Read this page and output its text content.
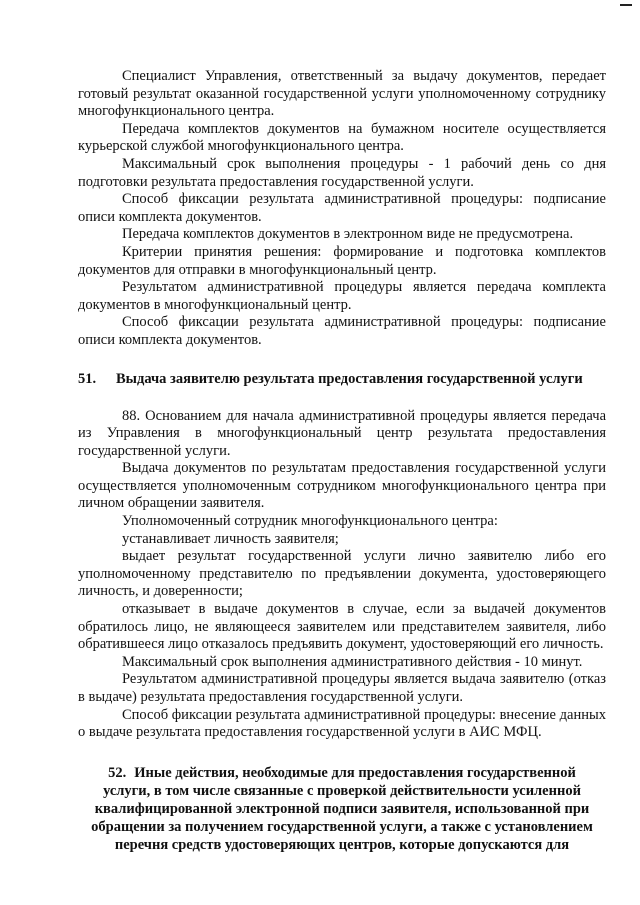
Специалист Управления, ответственный за выдачу документов, передает готовый результат оказанной государственной услуги уполномоченному сотруднику многофункционального центра.

Передача комплектов документов на бумажном носителе осуществляется курьерской службой многофункционального центра.

Максимальный срок выполнения процедуры - 1 рабочий день со дня подготовки результата предоставления государственной услуги.

Способ фиксации результата административной процедуры: подписание описи комплекта документов.

Передача комплектов документов в электронном виде не предусмотрена.

Критерии принятия решения: формирование и подготовка комплектов документов для отправки в многофункциональный центр.

Результатом административной процедуры является передача комплекта документов в многофункциональный центр.

Способ фиксации результата административной процедуры: подписание описи комплекта документов.

51. Выдача заявителю результата предоставления государственной услуги

88. Основанием для начала административной процедуры является передача из Управления в многофункциональный центр результата предоставления государственной услуги.

Выдача документов по результатам предоставления государственной услуги осуществляется уполномоченным сотрудником многофункционального центра при личном обращении заявителя.

Уполномоченный сотрудник многофункционального центра:

устанавливает личность заявителя;

выдает результат государственной услуги лично заявителю либо его уполномоченному представителю по предъявлении документа, удостоверяющего личность, и доверенности;

отказывает в выдаче документов в случае, если за выдачей документов обратилось лицо, не являющееся заявителем или представителем заявителя, либо обратившееся лицо отказалось предъявить документ, удостоверяющий его личность.

Максимальный срок выполнения административного действия - 10 минут.

Результатом административной процедуры является выдача заявителю (отказ в выдаче) результата предоставления государственной услуги.

Способ фиксации результата административной процедуры: внесение данных о выдаче результата предоставления государственной услуги в АИС МФЦ.

52. Иные действия, необходимые для предоставления государственной услуги, в том числе связанные с проверкой действительности усиленной квалифицированной электронной подписи заявителя, использованной при обращении за получением государственной услуги, а также с установлением перечня средств удостоверяющих центров, которые допускаются для
